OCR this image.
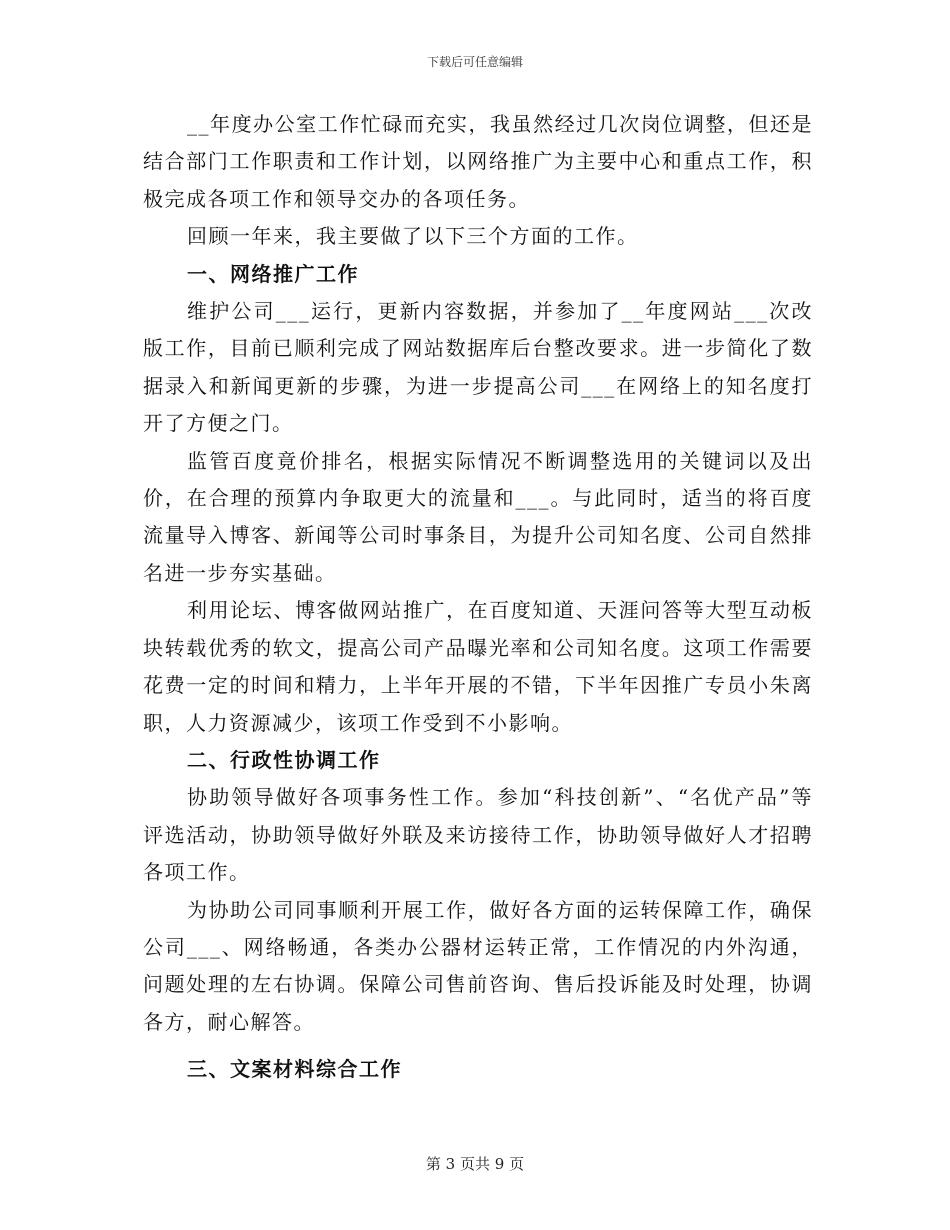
下载后可任意编辑

__年度办公室工作忙碌而充实，我虽然经过几次岗位调整，但还是结合部门工作职责和工作计划，以网络推广为主要中心和重点工作，积极完成各项工作和领导交办的各项任务。

回顾一年来，我主要做了以下三个方面的工作。

一、网络推广工作

维护公司___运行，更新内容数据，并参加了__年度网站___次改版工作，目前已顺利完成了网站数据库后台整改要求。进一步简化了数据录入和新闻更新的步骤，为进一步提高公司___在网络上的知名度打开了方便之门。

监管百度竟价排名，根据实际情况不断调整选用的关键词以及出价，在合理的预算内争取更大的流量和___。与此同时，适当的将百度流量导入博客、新闻等公司时事条目，为提升公司知名度、公司自然排名进一步夯实基础。

利用论坛、博客做网站推广，在百度知道、天涯问答等大型互动板块转载优秀的软文，提高公司产品曝光率和公司知名度。这项工作需要花费一定的时间和精力，上半年开展的不错，下半年因推广专员小朱离职，人力资源减少，该项工作受到不小影响。

二、行政性协调工作

协助领导做好各项事务性工作。参加“科技创新”、“名优产品”等评选活动，协助领导做好外联及来访接待工作，协助领导做好人才招聘各项工作。

为协助公司同事顺利开展工作，做好各方面的运转保障工作，确保公司___、网络畅通，各类办公器材运转正常，工作情况的内外沟通，问题处理的左右协调。保障公司售前咨询、售后投诉能及时处理，协调各方，耐心解答。

三、文案材料综合工作

第 3 页共 9 页
